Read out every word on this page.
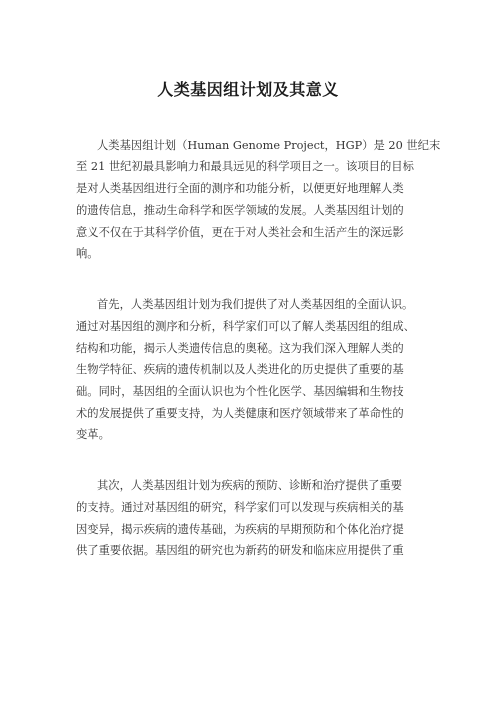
人类基因组计划及其意义
人类基因组计划（Human Genome Project，HGP）是 20 世纪末
至 21 世纪初最具影响力和最具远见的科学项目之一。该项目的目标
是对人类基因组进行全面的测序和功能分析，以便更好地理解人类
的遗传信息，推动生命科学和医学领域的发展。人类基因组计划的
意义不仅在于其科学价值，更在于对人类社会和生活产生的深远影
响。
首先，人类基因组计划为我们提供了对人类基因组的全面认识。
通过对基因组的测序和分析，科学家们可以了解人类基因组的组成、
结构和功能，揭示人类遗传信息的奥秘。这为我们深入理解人类的
生物学特征、疾病的遗传机制以及人类进化的历史提供了重要的基
础。同时，基因组的全面认识也为个性化医学、基因编辑和生物技
术的发展提供了重要支持，为人类健康和医疗领域带来了革命性的
变革。
其次，人类基因组计划为疾病的预防、诊断和治疗提供了重要
的支持。通过对基因组的研究，科学家们可以发现与疾病相关的基
因变异，揭示疾病的遗传基础，为疾病的早期预防和个体化治疗提
供了重要依据。基因组的研究也为新药的研发和临床应用提供了重
